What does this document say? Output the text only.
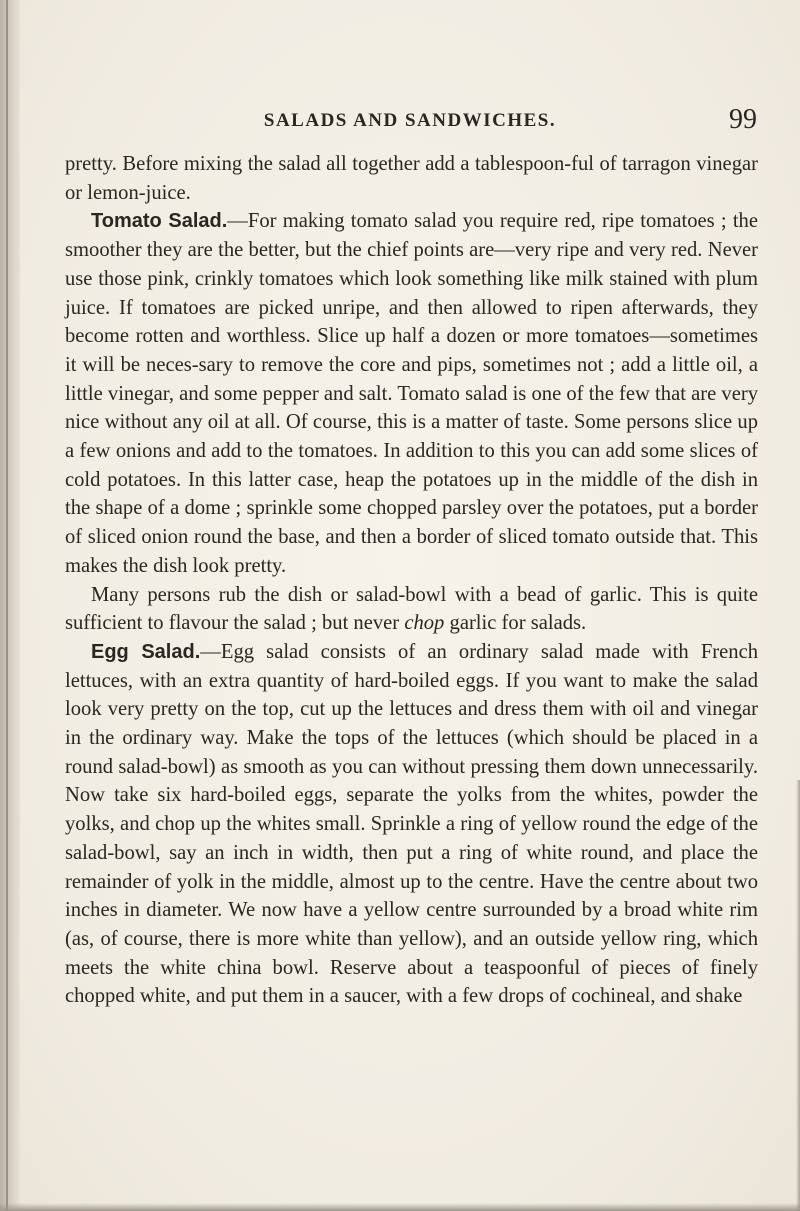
SALADS AND SANDWICHES.	99

pretty. Before mixing the salad all together add a tablespoon-ful of tarragon vinegar or lemon-juice.

Tomato Salad.—For making tomato salad you require red, ripe tomatoes ; the smoother they are the better, but the chief points are—very ripe and very red. Never use those pink, crinkly tomatoes which look something like milk stained with plum juice. If tomatoes are picked unripe, and then allowed to ripen afterwards, they become rotten and worthless. Slice up half a dozen or more tomatoes—sometimes it will be neces-sary to remove the core and pips, sometimes not ; add a little oil, a little vinegar, and some pepper and salt. Tomato salad is one of the few that are very nice without any oil at all. Of course, this is a matter of taste. Some persons slice up a few onions and add to the tomatoes. In addition to this you can add some slices of cold potatoes. In this latter case, heap the potatoes up in the middle of the dish in the shape of a dome ; sprinkle some chopped parsley over the potatoes, put a border of sliced onion round the base, and then a border of sliced tomato outside that. This makes the dish look pretty.

Many persons rub the dish or salad-bowl with a bead of garlic. This is quite sufficient to flavour the salad ; but never chop garlic for salads.

Egg Salad.—Egg salad consists of an ordinary salad made with French lettuces, with an extra quantity of hard-boiled eggs. If you want to make the salad look very pretty on the top, cut up the lettuces and dress them with oil and vinegar in the ordinary way. Make the tops of the lettuces (which should be placed in a round salad-bowl) as smooth as you can without pressing them down unnecessarily. Now take six hard-boiled eggs, separate the yolks from the whites, powder the yolks, and chop up the whites small. Sprinkle a ring of yellow round the edge of the salad-bowl, say an inch in width, then put a ring of white round, and place the remainder of yolk in the middle, almost up to the centre. Have the centre about two inches in diameter. We now have a yellow centre surrounded by a broad white rim (as, of course, there is more white than yellow), and an outside yellow ring, which meets the white china bowl. Reserve about a teaspoonful of pieces of finely chopped white, and put them in a saucer, with a few drops of cochineal, and shake
